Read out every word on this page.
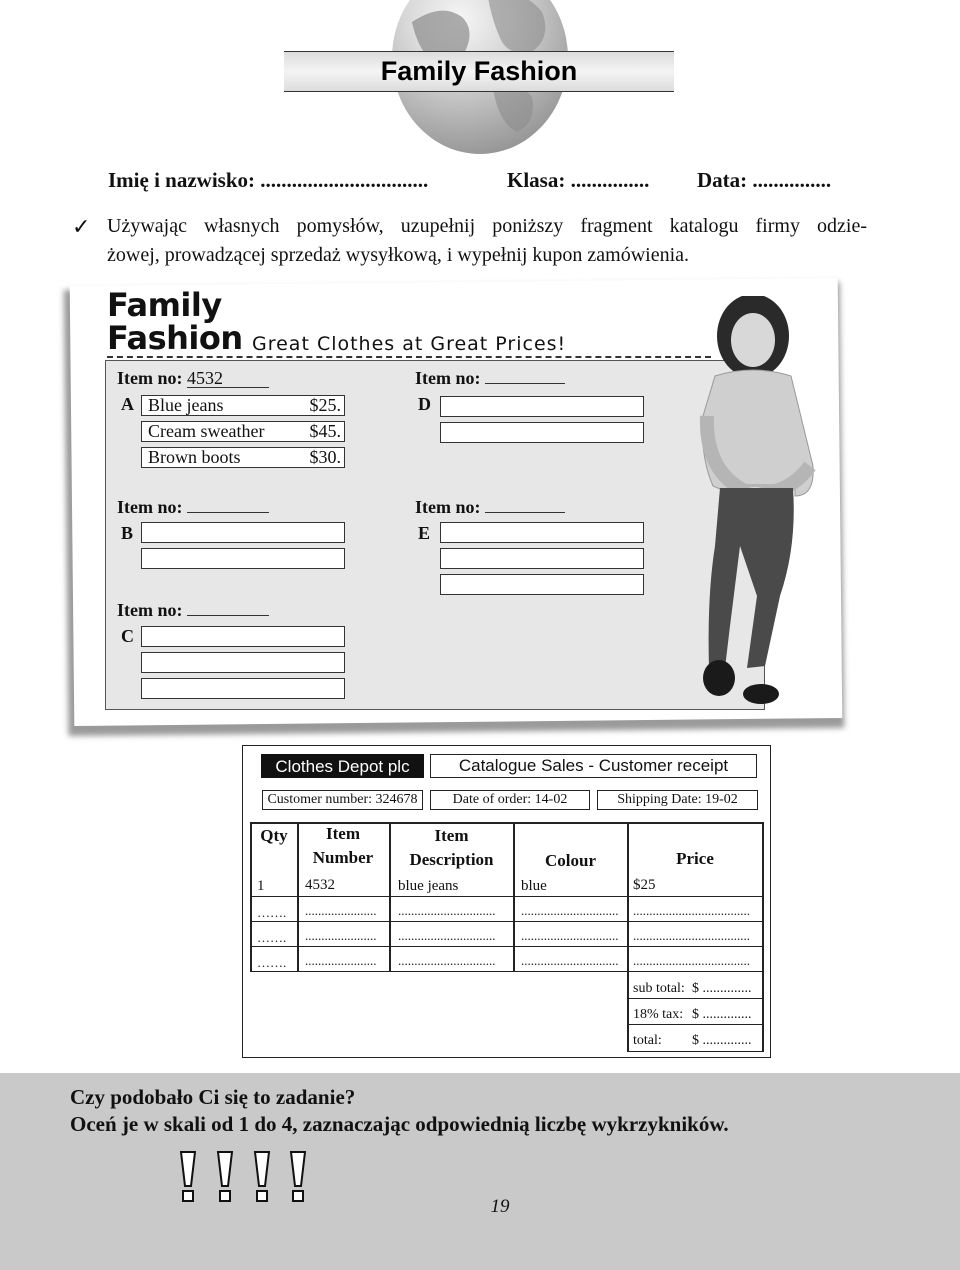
Family Fashion
Imię i nazwisko: ................................	Klasa: ............... Data: ...............
✓ Używając własnych pomysłów, uzupełnij poniższy fragment katalogu firmy odzie-
żowej, prowadzącej sprzedaż wysyłkową, i wypełnij kupon zamówienia.
Family
Fashion Great Clothes at Great Prices!
Item no: 4532
A Blue jeans	$25.
Cream sweather	$45.
Brown boots	$30.
Item no:
D
Item no:
B
Item no:
E
Item no:
C
Clothes Depot plc	Catalogue Sales - Customer receipt
Customer number: 324678	Date of order: 14-02	Shipping Date: 19-02
Qty	Item
Number
Item
Description	Colour	Price
1	4532	blue jeans	blue	$25
……. ...................... .............................. .............................. ....................................
……. ...................... .............................. .............................. ....................................
……. ...................... .............................. .............................. ....................................
sub total: $ ..............
18% tax: $ ..............
total: $ ..............
Czy podobało Ci się to zadanie?
Oceń je w skali od 1 do 4, zaznaczając odpowiednią liczbę wykrzykników.
19
